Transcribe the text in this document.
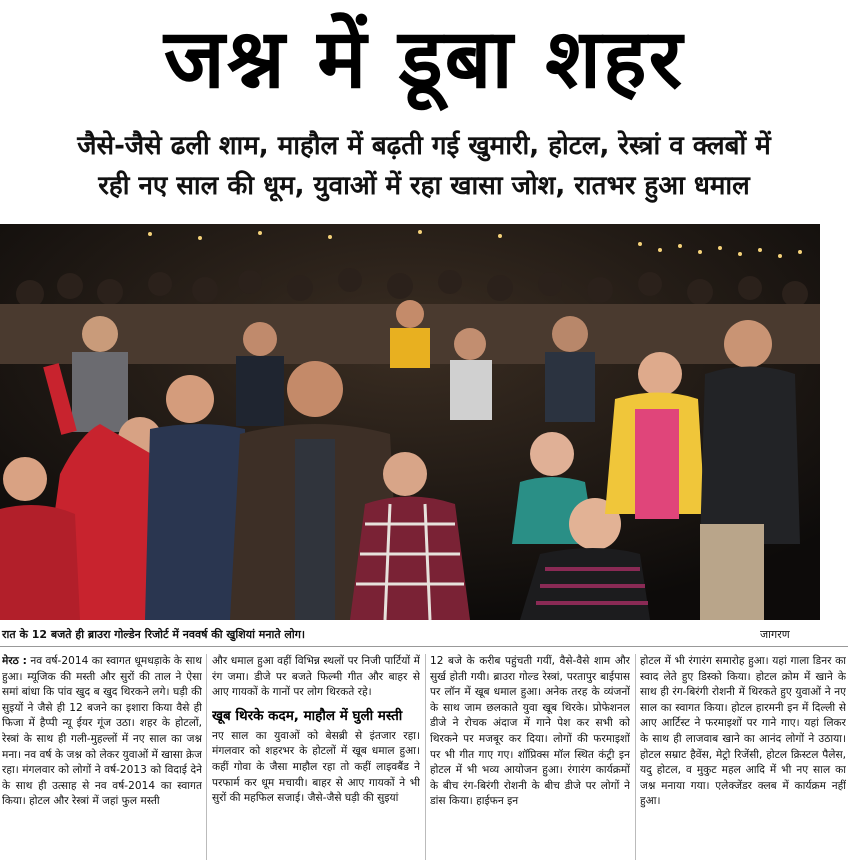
जश्न में डूबा शहर
जैसे-जैसे ढली शाम, माहौल में बढ़ती गई खुमारी, होटल, रेस्त्रां व क्लबों में
रही नए साल की धूम, युवाओं में रहा खासा जोश, रातभर हुआ धमाल
रात के 12 बजते ही ब्राउरा गोल्डेन रिजोर्ट में नववर्ष की खुशियां मनाते लोग।	जागरण

मेरठ : नव वर्ष-2014 का स्वागत धूमधड़ाके के साथ हुआ। म्यूजिक की मस्ती और सुरों की ताल ने ऐसा समां बांधा कि पांव खुद ब खुद थिरकने लगे। घड़ी की सुइयों ने जैसे ही 12 बजने का इशारा किया वैसे ही फिजा में हैप्पी न्यू ईयर गूंज उठा। शहर के होटलों, रेस्त्रां के साथ ही गली-मुहल्लों में नए साल का जश्न मना। नव वर्ष के जश्न को लेकर युवाओं में खासा क्रेज रहा। मंगलवार को लोगों ने वर्ष-2013 को विदाई देने के साथ ही उत्साह से नव वर्ष-2014 का स्वागत किया। होटल और रेस्त्रां में जहां फुल मस्ती

और धमाल हुआ वहीं विभिन्न स्थलों पर निजी पार्टियों में रंग जमा। डीजे पर बजते फिल्मी गीत और बाहर से आए गायकों के गानों पर लोग थिरकते रहे।

खूब थिरके कदम, माहौल में घुली मस्ती

नए साल का युवाओं को बेसब्री से इंतजार रहा। मंगलवार को शहरभर के होटलों में खूब धमाल हुआ। कहीं गोवा के जैसा माहौल रहा तो कहीं लाइवबैंड ने परफार्म कर धूम मचायी। बाहर से आए गायकों ने भी सुरों की महफिल सजाई। जैसे-जैसे घड़ी की सुइयां

12 बजे के करीब पहुंचती गयीं, वैसे-वैसे शाम और सुर्ख होती गयी। ब्राउरा गोल्ड रेस्त्रां, परतापुर बाईपास पर लॉन में खूब धमाल हुआ। अनेक तरह के व्यंजनों के साथ जाम छलकाते युवा खूब थिरके। प्रोफेशनल डीजे ने रोचक अंदाज में गाने पेश कर सभी को थिरकने पर मजबूर कर दिया। लोगों की फरमाइशों पर भी गीत गाए गए। शॉप्रिक्स मॉल स्थित कंट्री इन होटल में भी भव्य आयोजन हुआ। रंगारंग कार्यक्रमों के बीच रंग-बिरंगी रोशनी के बीच डीजे पर लोगों ने डांस किया। हाईफन इन

होटल में भी रंगारंग समारोह हुआ। यहां गाला डिनर का स्वाद लेते हुए डिस्को किया। होटल क्रोम में खाने के साथ ही रंग-बिरंगी रोशनी में थिरकते हुए युवाओं ने नए साल का स्वागत किया। होटल हारमनी इन में दिल्ली से आए आर्टिस्ट ने फरमाइशों पर गाने गाए। यहां लिकर के साथ ही लाजवाब खाने का आनंद लोगों ने उठाया। होटल सम्राट हैवेंस, मेट्रो रिजेंसी, होटल क्रिस्टल पैलेस, यदु होटल, व मुकुट महल आदि में भी नए साल का जश्न मनाया गया। एलेक्जेंडर क्लब में कार्यक्रम नहीं हुआ।
